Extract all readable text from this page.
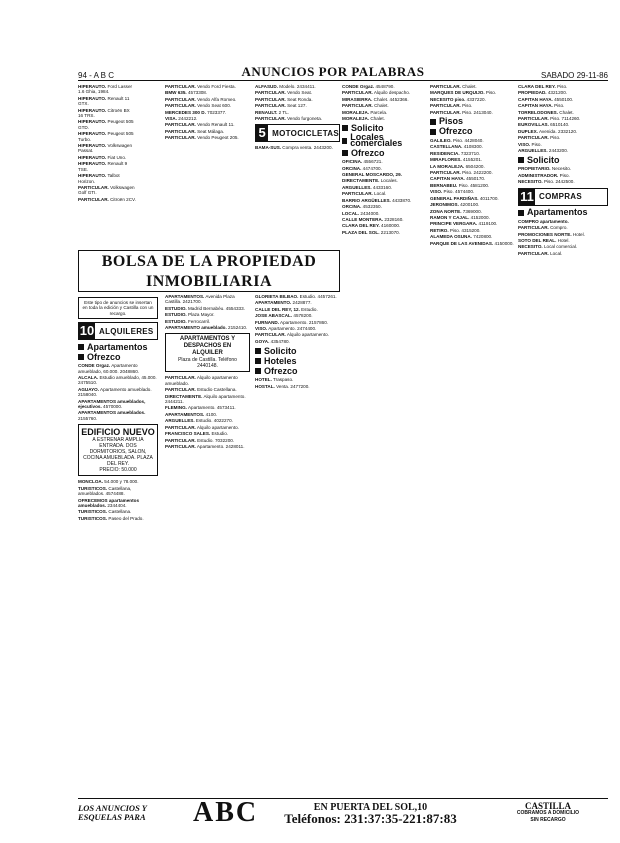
94 - A B C	ANUNCIOS POR PALABRAS	SABADO 29-11-86

HIPERAUTO. Ford Lasser 1.6 Ghia, 1984.

HIPERAUTO. Renault 11 GTX.

HIPERAUTO. Citroën BX 16 TRS.

HIPERAUTO. Peugeot 505 GTD.

HIPERAUTO. Peugeot 505 Turbo.

HIPERAUTO. Volkswagen Passat.

HIPERAUTO. Fiat Uno.

HIPERAUTO. Renault 9 TSE.

HIPERAUTO. Talbot Horizon.

PARTICULAR. Volkswagen Golf GTI.

PARTICULAR. Citroën 2CV.

BOLSA DE LA PROPIEDAD
INMOBILIARIA
Este tipo de anuncios se insertan en toda la edición y Castilla con un recargo.
10 ALQUILERES
Apartamentos
Ofrezco

CONDE Orgaz. Apartamento amueblado, 60.000. 2048860.

ALCALA. Estudio amueblado, 45.000. 2475510.

AGUAYO. Apartamento amueblado. 2158040.

APARTAMENTOS amueblados, ejecutivos. 4570000.

APARTAMENTOS amueblados. 2155760.

EDIFICIO NUEVO
A ESTRENAR AMPLIA ENTRADA. DOS DORMITORIOS, SALON, COCINA AMUEBLADA. PLAZA DEL REY.
PRECIO: 50.000

MONCLOA. 54.000 y 78.000.

TURISTICOS. Castellana, amueblados. 4574488.

OFRECEMOS apartamentos amueblados. 2344404.

TURISTICOS. Castellana.

TURISTICOS. Paseo del Prado.

PARTICULAR. Vendo Ford Fiesta.

BMW 635. 4573308.

PARTICULAR. Vendo Alfa Romeo.

PARTICULAR. Vendo Seat 600.

MERCEDES 300 D. 7023377.

VISA. 2442212.

PARTICULAR. Vendo Renault 11.

PARTICULAR. Seat Málaga.

PARTICULAR. Vendo Peugeot 205.

APARTAMENTOS. Avenida Plaza Castilla. 2421700.

ESTUDIO. Madrid Bernabéu. 4554333.

ESTUDIO. Plaza Mayor.

ESTUDIO. Ferrocarril.

APARTAMENTO amueblado. 2152410.

APARTAMENTOS Y DESPACHOS EN ALQUILER
Plaza de Castilla. Teléfono 2440148.

PARTICULAR. Alquilo apartamento amueblado.

PARTICULAR. Estudio Castellana.

DIRECTAMENTE. Alquilo apartamento. 2444211.

FLEMING. Apartamento. 4573411.

APARTAMENTOS. 4100.

ARGUELLES. Estudio. 4022270.

PARTICULAR. Alquilo apartamento.

FRANCISCO SALES. Estudio.

PARTICULAR. Estudio. 7032200.

PARTICULAR. Apartamento. 2428011.

ALFASUD. Modelo. 2434411.

PARTICULAR. Vendo Seat.

PARTICULAR. Seat Ronda.

PARTICULAR. Seat 127.

RENAULT. 2 TL.

PARTICULAR. Vendo furgoneta.

5 MOTOCICLETAS

BAMA-SUS. Compra venta. 2443200.

GLORIETA BILBAO. Estudio. 4457261.

APARTAMENTO. 2428877.

CALLE DEL REY, 12. Estudio.

JOSE ABASCAL. 4578200.

FURNAND. Apartamento. 2157860.

VISO. Apartamento. 2474400.

PARTICULAR. Alquilo apartamento.

GOYA. 4354780.

Solicito
Hoteles
Ofrezco

HOTEL. Traspaso.

HOSTAL. Venta. 2477200.

CONDE Orgaz. 4548790.

PARTICULAR. Alquilo despacho.

MIRASIERRA. Chalet. 4452366.

PARTICULAR. Chalet.

MORALEJA. Parcela.

MORALEJA. Chalet.

Solicito
Locales comerciales
Ofrezco

OFICINA. 4556721.

ORCINA. 4474700.

GENERAL MOSCARDO, 29.

DIRECTAMENTE. Locales.

ARGUELLES. 4433160.

PARTICULAR. Local.

BARRIO ARGÜELLES. 4433870.

ORCINA. 4532350.

LOCAL. 2434000.

CALLE MONTERA. 2328160.

CLARA DEL REY. 4160000.

PLAZA DEL SOL. 2213070.

PARTICULAR. Chalet.

MARQUES DE URQUIJO. Piso.

NECESITO piso. 4337220.

PARTICULAR. Piso.

PARTICULAR. Piso. 2413040.

Pisos
Ofrezco

GALILEO. Piso. 4428040.

CASTELLANA. 4108300.

RESIDENCIA. 7323710.

MIRAFLORES. 4155201.

LA MORALEJA. 6504200.

PARTICULAR. Piso. 2422200.

CAPITAN HAYA. 4550170.

BERNABEU. Piso. 4581200.

VISO. Piso. 4574400.

GENERAL PARDIÑAS. 4011700.

JERONIMOS. 4200100.

ZONA NORTE. 7369000.

RAMON Y CAJAL. 4152000.

PRINCIPE VERGARA. 4119100.

RETIRO. Piso. 4315200.

ALAMEDA OSUNA. 7420800.

PARQUE DE LAS AVENIDAS. 4150000.

CLARA DEL REY. Piso.

PROPIEDAD. 4321200.

CAPITAN HAYA. 4550100.

CAPITAN HAYA. Piso.

TORRELODONES. Chalet.

PARTICULAR. Piso. 7114260.

EUROVILLAS. 6510140.

DUPLEX. Avenida. 2332120.

PARTICULAR. Piso.

VISO. Piso.

ARGUELLES. 2443200.

Solicito

PROPIETARIO. Necesito.

ADMINISTRADOR. Piso.

NECESITO. Piso. 2442500.

11 COMPRAS
Apartamentos

COMPRO apartamento.

PARTICULAR. Compro.

PROMOCIONES NORTE. Hotel.

SOTO DEL REAL. Hotel.

NECESITO. Local comercial.

PARTICULAR. Local.

LOS ANUNCIOS Y
ESQUELAS PARA	ABC	EN PUERTA DEL SOL,10
Teléfonos: 231:37:35-221:87:83
CASTILLA
COBRAMOS A DOMICILIO
SIN RECARGO
